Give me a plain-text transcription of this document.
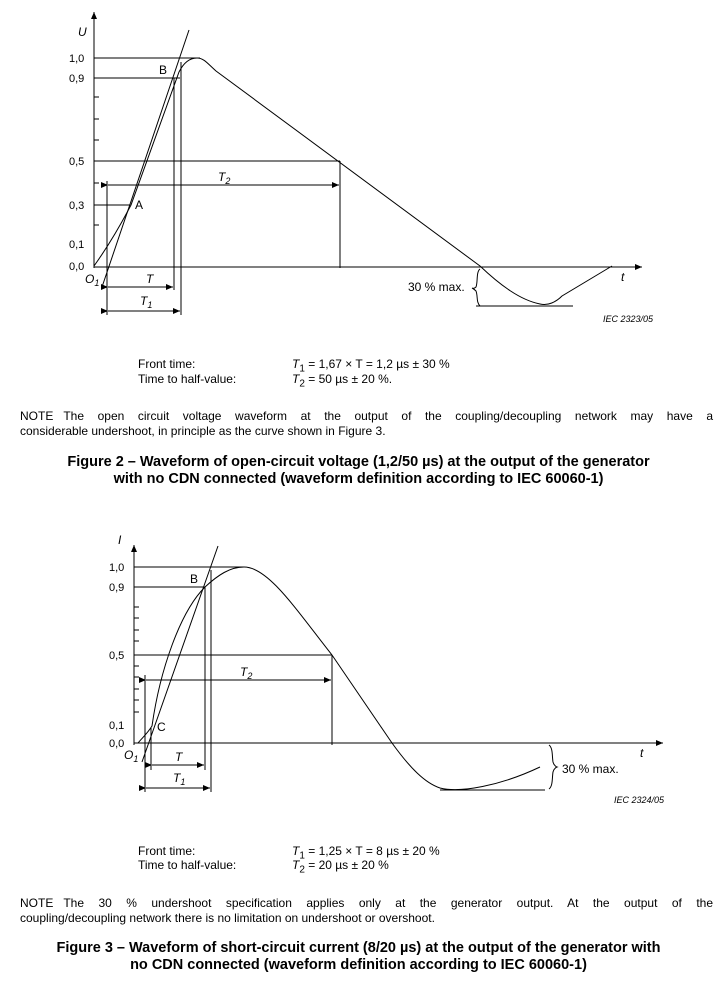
U
t
1,0
0,9
0,5
0,3
0,1
0,0
$O_1$
A
B
$T_2$
T
$T_1$
30 % max.
IEC 2323/05
I
t
1,0
0,9
0,5
0,1
0,0
$O_1$
B
C
$T_2$
T
$T_1$
30 % max.
IEC 2324/05
Front time:	$T_1 = 1,67 \times T = 1,2$ µs ± 30 %
Time to half-value:	$T_2 = 50$ µs ± 20 %.
NOTE The open circuit voltage waveform at the output of the coupling/decoupling network may have a
considerable undershoot, in principle as the curve shown in Figure 3.
Figure 2 – Waveform of open-circuit voltage (1,2/50 µs) at the output of the generator
with no CDN connected (waveform definition according to IEC 60060-1)
Front time:	$T_1 = 1,25 \times T = 8$ µs ± 20 %
Time to half-value:	$T_2 = 20$ µs ± 20 %
NOTE The 30 % undershoot specification applies only at the generator output. At the output of the
coupling/decoupling network there is no limitation on undershoot or overshoot.
Figure 3 – Waveform of short-circuit current (8/20 µs) at the output of the generator with
no CDN connected (waveform definition according to IEC 60060-1)
